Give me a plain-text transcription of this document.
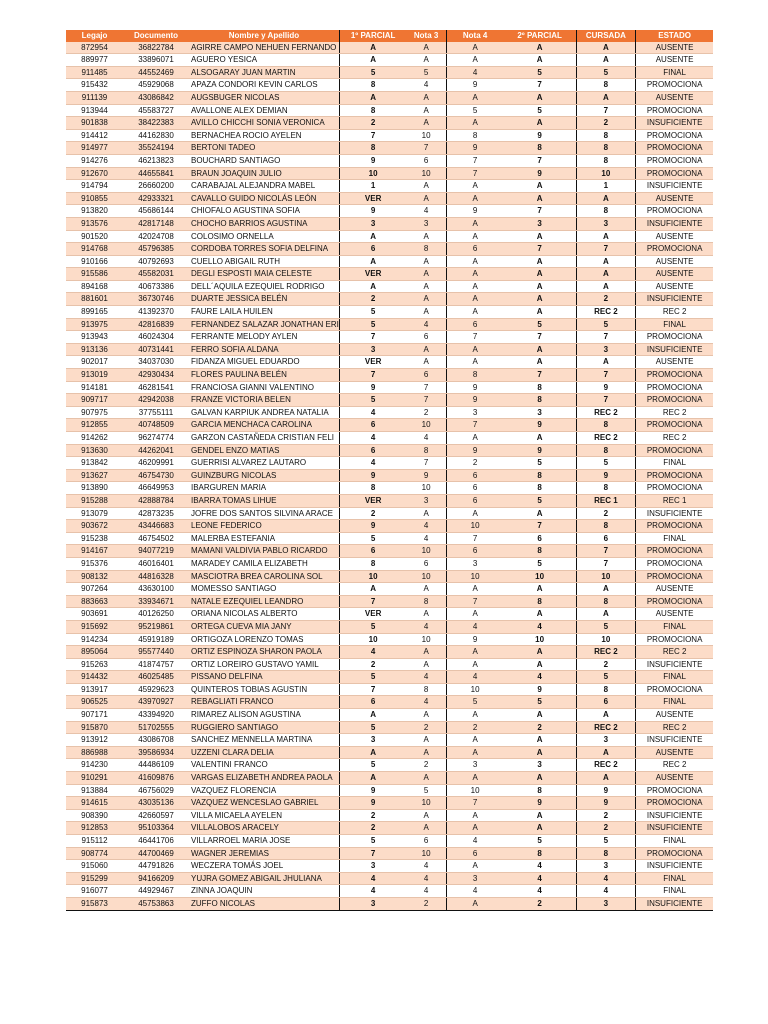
Legajo	Documento	Nombre y Apellido	1º PARCIAL	Nota 3	Nota 4	2º PARCIAL	CURSADA	ESTADO
872954	36822784	AGIRRE CAMPO NEHUEN FERNANDO	A	A	A	A	A	AUSENTE
889977	33896071	AGUERO YESICA	A	A	A	A	A	AUSENTE
911485	44552469	ALSOGARAY JUAN MARTIN	5	5	4	5	5	FINAL
915432	45929068	APAZA CONDORI KEVIN CARLOS	8	4	9	7	8	PROMOCIONA
911139	43086842	AUGSBUGER NICOLAS	A	A	A	A	A	AUSENTE
913944	45583727	AVALLONE ALEX DEMIAN	8	A	5	5	7	PROMOCIONA
901838	38422383	AVILLO CHICCHI SONIA VERONICA	2	A	A	A	2	INSUFICIENTE
914412	44162830	BERNACHEA ROCIO AYELEN	7	10	8	9	8	PROMOCIONA
914977	35524194	BERTONI TADEO	8	7	9	8	8	PROMOCIONA
914276	46213823	BOUCHARD SANTIAGO	9	6	7	7	8	PROMOCIONA
912670	44655841	BRAUN JOAQUIN JULIO	10	10	7	9	10	PROMOCIONA
914794	26660200	CARABAJAL ALEJANDRA MABEL	1	A	A	A	1	INSUFICIENTE
910855	42933321	CAVALLO GUIDO NICOLÁS LEÓN	VER	A	A	A	A	AUSENTE
913820	45686144	CHIOFALO AGUSTINA SOFIA	9	4	9	7	8	PROMOCIONA
913576	42817148	CHOCHO BARRIOS AGUSTINA	3	3	A	3	3	INSUFICIENTE
901520	42024708	COLOSIMO ORNELLA	A	A	A	A	A	AUSENTE
914768	45796385	CORDOBA TORRES SOFIA DELFINA	6	8	6	7	7	PROMOCIONA
910166	40792693	CUELLO ABIGAIL RUTH	A	A	A	A	A	AUSENTE
915586	45582031	DEGLI ESPOSTI MAIA CELESTE	VER	A	A	A	A	AUSENTE
894168	40673386	DELL´AQUILA EZEQUIEL RODRIGO	A	A	A	A	A	AUSENTE
881601	36730746	DUARTE JESSICA BELÉN	2	A	A	A	2	INSUFICIENTE
899165	41392370	FAURE LAILA HUILEN	5	A	A	A	REC 2	REC 2
913975	42816839	FERNANDEZ SALAZAR JONATHAN ERI	5	4	6	5	5	FINAL
913943	46024304	FERRANTE MELODY AYLEN	7	6	7	7	7	PROMOCIONA
913136	40731441	FERRO SOFIA ALDANA	3	A	A	A	3	INSUFICIENTE
902017	34037030	FIDANZA MIGUEL EDUARDO	VER	A	A	A	A	AUSENTE
913019	42930434	FLORES PAULINA BELÉN	7	6	8	7	7	PROMOCIONA
914181	46281541	FRANCIOSA GIANNI VALENTINO	9	7	9	8	9	PROMOCIONA
909717	42942038	FRANZE VICTORIA BELEN	5	7	9	8	7	PROMOCIONA
907975	37755111	GALVAN KARPIUK ANDREA NATALIA	4	2	3	3	REC 2	REC 2
912855	40748509	GARCIA MENCHACA CAROLINA	6	10	7	9	8	PROMOCIONA
914262	96274774	GARZON CASTAÑEDA CRISTIAN FELI	4	4	A	A	REC 2	REC 2
913630	44262041	GENDEL ENZO MATIAS	6	8	9	9	8	PROMOCIONA
913842	46209991	GUERRISI ALVAREZ LAUTARO	4	7	2	5	5	FINAL
913627	46754730	GUINZBURG NICOLAS	9	9	6	8	9	PROMOCIONA
913890	46649953	IBARGUREN MARIA	8	10	6	8	8	PROMOCIONA
915288	42888784	IBARRA TOMAS LIHUE	VER	3	6	5	REC 1	REC 1
913079	42873235	JOFRE DOS SANTOS SILVINA ARACE	2	A	A	A	2	INSUFICIENTE
903672	43446683	LEONE FEDERICO	9	4	10	7	8	PROMOCIONA
915238	46754502	MALERBA ESTEFANIA	5	4	7	6	6	FINAL
914167	94077219	MAMANI VALDIVIA PABLO RICARDO	6	10	6	8	7	PROMOCIONA
915376	46016401	MARADEY CAMILA ELIZABETH	8	6	3	5	7	PROMOCIONA
908132	44816328	MASCIOTRA BREA CAROLINA SOL	10	10	10	10	10	PROMOCIONA
907264	43630100	MOMESSO SANTIAGO	A	A	A	A	A	AUSENTE
883663	33934671	NATALE EZEQUIEL LEANDRO	7	8	7	8	8	PROMOCIONA
903691	40126250	ORIANA NICOLAS ALBERTO	VER	A	A	A	A	AUSENTE
915692	95219861	ORTEGA CUEVA MIA JANY	5	4	4	4	5	FINAL
914234	45919189	ORTIGOZA LORENZO TOMAS	10	10	9	10	10	PROMOCIONA
895064	95577440	ORTIZ ESPINOZA SHARON PAOLA	4	A	A	A	REC 2	REC 2
915263	41874757	ORTIZ LOREIRO GUSTAVO YAMIL	2	A	A	A	2	INSUFICIENTE
914432	46025485	PISSANO DELFINA	5	4	4	4	5	FINAL
913917	45929623	QUINTEROS TOBIAS AGUSTIN	7	8	10	9	8	PROMOCIONA
906525	43970927	REBAGLIATI FRANCO	6	4	5	5	6	FINAL
907171	43394920	RIMAREZ ALISON AGUSTINA	A	A	A	A	A	AUSENTE
915870	51702555	RUGGIERO SANTIAGO	5	2	2	2	REC 2	REC 2
913912	43086708	SANCHEZ MENNELLA MARTINA	3	A	A	A	3	INSUFICIENTE
886988	39586934	UZZENI CLARA DELIA	A	A	A	A	A	AUSENTE
914230	44486109	VALENTINI FRANCO	5	2	3	3	REC 2	REC 2
910291	41609876	VARGAS ELIZABETH ANDREA PAOLA	A	A	A	A	A	AUSENTE
913884	46756029	VAZQUEZ FLORENCIA	9	5	10	8	9	PROMOCIONA
914615	43035136	VAZQUEZ WENCESLAO GABRIEL	9	10	7	9	9	PROMOCIONA
908390	42660597	VILLA MICAELA AYELEN	2	A	A	A	2	INSUFICIENTE
912853	95103364	VILLALOBOS ARACELY	2	A	A	A	2	INSUFICIENTE
915112	46441706	VILLARROEL MARIA JOSE	5	6	4	5	5	FINAL
908774	44700469	WAGNER JEREMIAS	7	10	6	8	8	PROMOCIONA
915060	44791826	WECZERA TOMÁS JOEL	3	4	A	4	3	INSUFICIENTE
915299	94166209	YUJRA GOMEZ ABIGAIL JHULIANA	4	4	3	4	4	FINAL
916077	44929467	ZINNA JOAQUIN	4	4	4	4	4	FINAL
915873	45753863	ZUFFO NICOLAS	3	2	A	2	3	INSUFICIENTE
